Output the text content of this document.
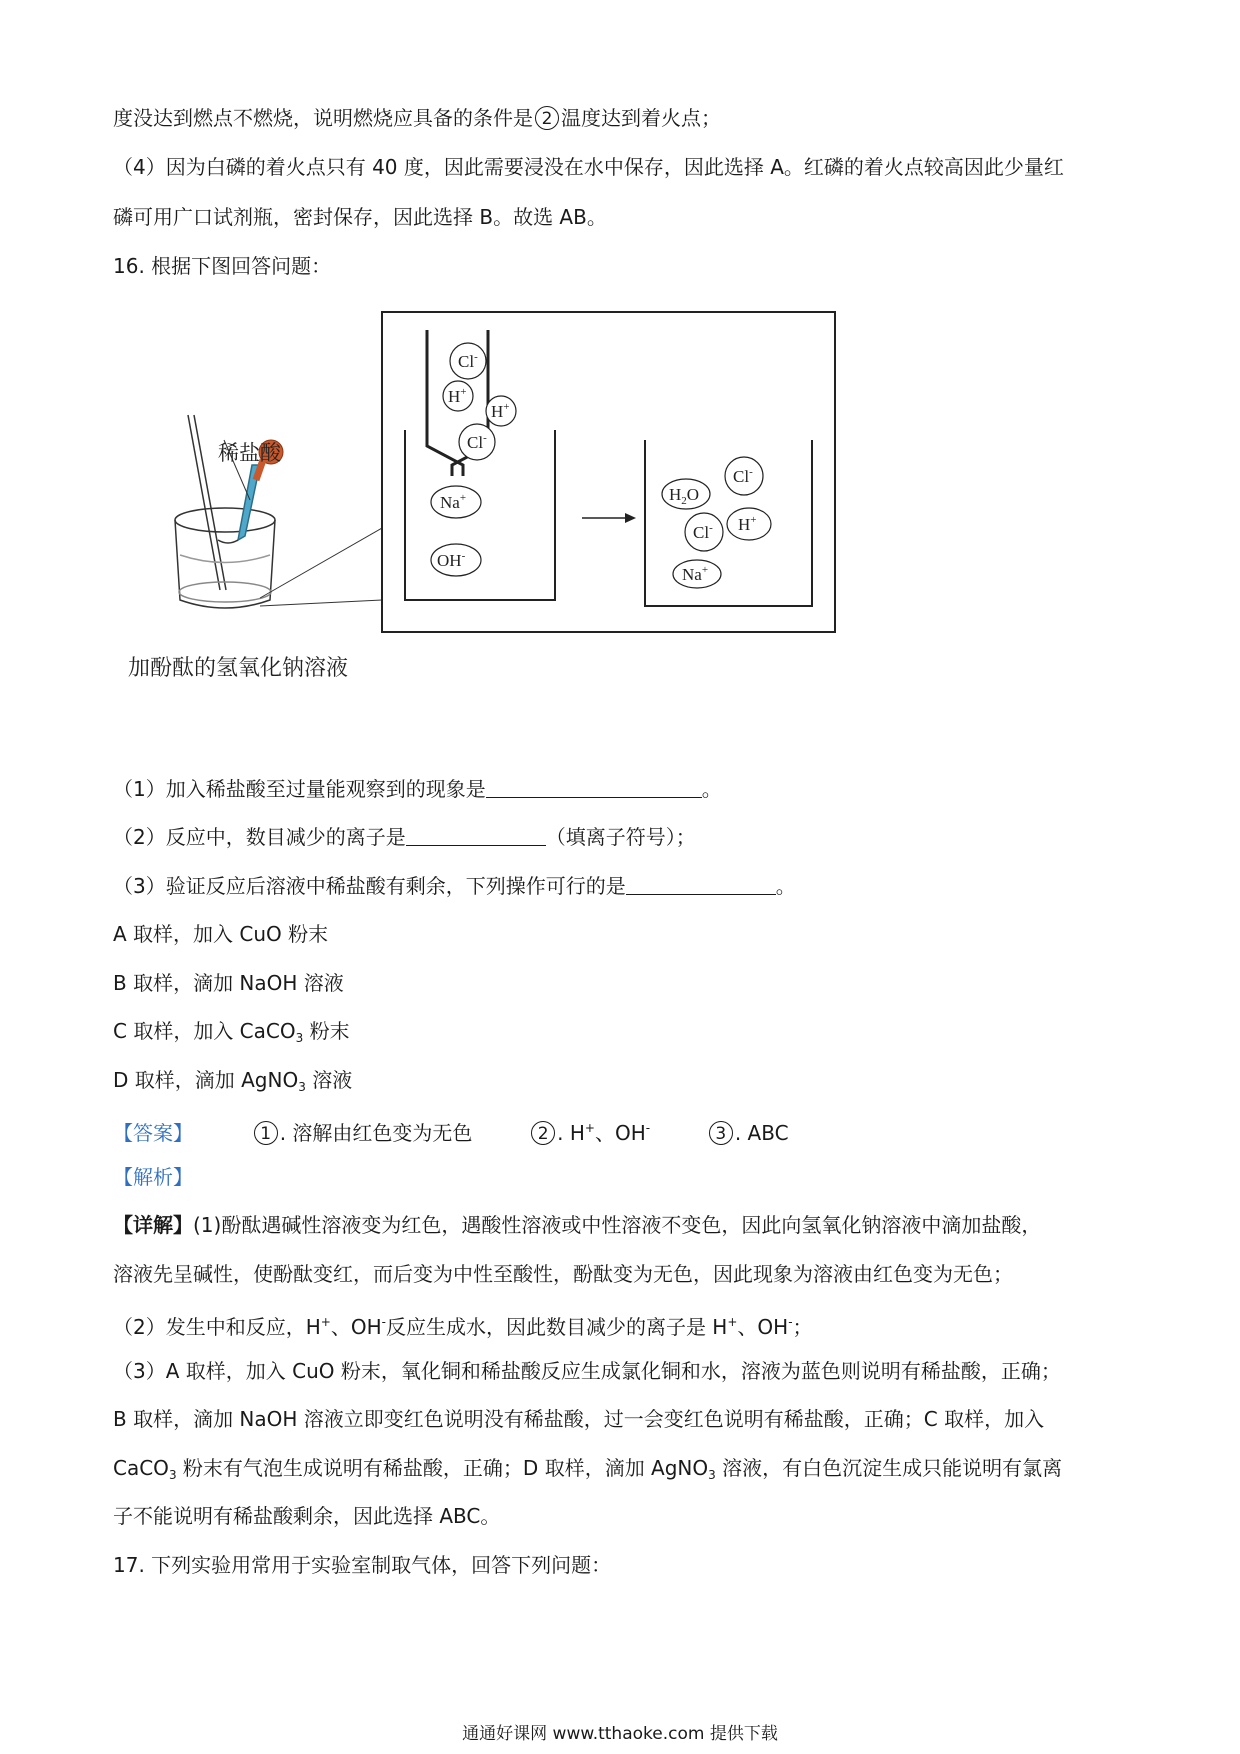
度没达到燃点不燃烧，说明燃烧应具备的条件是 2 温度达到着火点；
（4）因为白磷的着火点只有 40 度，因此需要浸没在水中保存，因此选择 A。红磷的着火点较高因此少量红
磷可用广口试剂瓶，密封保存，因此选择 B。故选 AB。
16. 根据下图回答问题：
稀盐酸
加酚酞的氢氧化钠溶液
Cl-
H+
H+
Cl-
Na+
OH-
$H_2O$
Cl-
Cl- H+
Na+
（1）加入稀盐酸至过量能观察到的现象是	。
（2）反应中，数目减少的离子是	（填离子符号）；
（3）验证反应后溶液中稀盐酸有剩余，下列操作可行的是	。
A 取样，加入 CuO 粉末
B 取样，滴加 NaOH 溶液
C 取样，加入 CaCO$_3$ 粉末
D 取样，滴加 AgNO$_3$ 溶液
【答案】	1 . 溶解由红色变为无色	2 . H+、OH-	3 . ABC
【解析】
【详解】(1)酚酞遇碱性溶液变为红色，遇酸性溶液或中性溶液不变色，因此向氢氧化钠溶液中滴加盐酸，
溶液先呈碱性，使酚酞变红，而后变为中性至酸性，酚酞变为无色，因此现象为溶液由红色变为无色；
（2）发生中和反应，H+、OH-反应生成水，因此数目减少的离子是 H+、OH-；
（3）A 取样，加入 CuO 粉末，氧化铜和稀盐酸反应生成氯化铜和水，溶液为蓝色则说明有稀盐酸，正确；
B 取样，滴加 NaOH 溶液立即变红色说明没有稀盐酸，过一会变红色说明有稀盐酸，正确；C 取样，加入
CaCO$_3$ 粉末有气泡生成说明有稀盐酸，正确；D 取样，滴加 AgNO$_3$ 溶液，有白色沉淀生成只能说明有氯离
子不能说明有稀盐酸剩余，因此选择 ABC。
17. 下列实验用常用于实验室制取气体，回答下列问题：
通通好课网 www.tthaoke.com 提供下载
